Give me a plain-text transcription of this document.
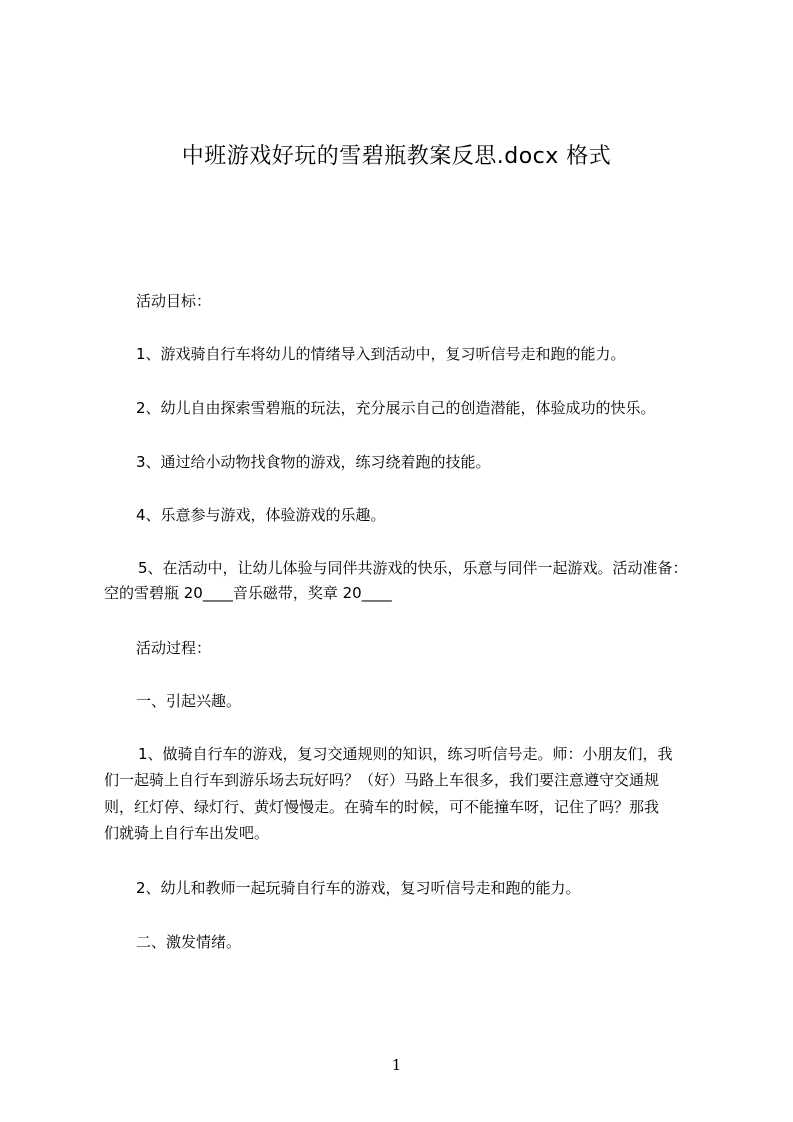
中班游戏好玩的雪碧瓶教案反思.docx 格式
活动目标：
1、游戏骑自行车将幼儿的情绪导入到活动中，复习听信号走和跑的能力。
2、幼儿自由探索雪碧瓶的玩法，充分展示自己的创造潜能，体验成功的快乐。
3、通过给小动物找食物的游戏，练习绕着跑的技能。
4、乐意参与游戏，体验游戏的乐趣。
5、在活动中，让幼儿体验与同伴共游戏的快乐，乐意与同伴一起游戏。活动准备：
空的雪碧瓶 20____音乐磁带，奖章 20____
活动过程：
一、引起兴趣。
1、做骑自行车的游戏，复习交通规则的知识，练习听信号走。师：小朋友们，我
们一起骑上自行车到游乐场去玩好吗？（好）马路上车很多，我们要注意遵守交通规
则，红灯停、绿灯行、黄灯慢慢走。在骑车的时候，可不能撞车呀，记住了吗？那我
们就骑上自行车出发吧。
2、幼儿和教师一起玩骑自行车的游戏，复习听信号走和跑的能力。
二、激发情绪。
1
